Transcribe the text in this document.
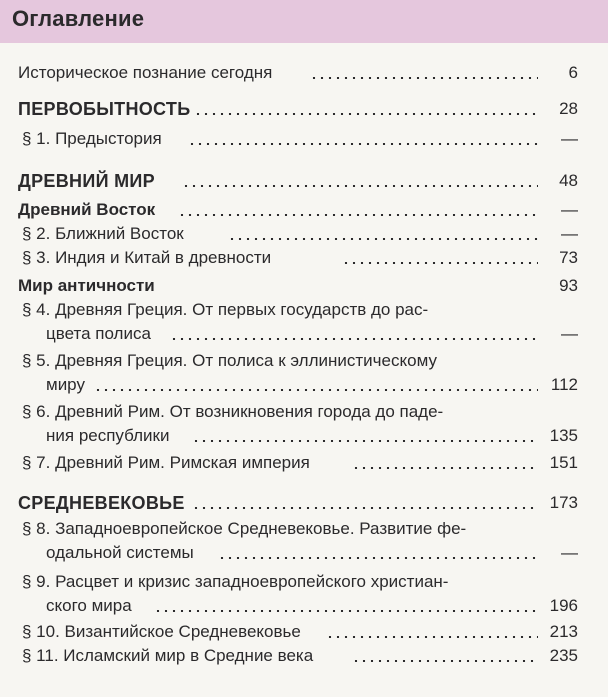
Оглавление
Историческое познание сегодня	6
ПЕРВОБЫТНОСТЬ	28
§ 1. Предыстория	—
ДРЕВНИЙ МИР	48
Древний Восток	—
§ 2. Ближний Восток	—
§ 3. Индия и Китай в древности	73
Мир античности	93
§ 4. Древняя Греция. От первых государств до рас-
цвета полиса	—
§ 5. Древняя Греция. От полиса к эллинистическому
миру	112
§ 6. Древний Рим. От возникновения города до паде-
ния республики	135
§ 7. Древний Рим. Римская империя	151
СРЕДНЕВЕКОВЬЕ	173
§ 8. Западноевропейское Средневековье. Развитие фе-
одальной системы	—
§ 9. Расцвет и кризис западноевропейского христиан-
ского мира	196
§ 10. Византийское Средневековье	213
§ 11. Исламский мир в Средние века	235
